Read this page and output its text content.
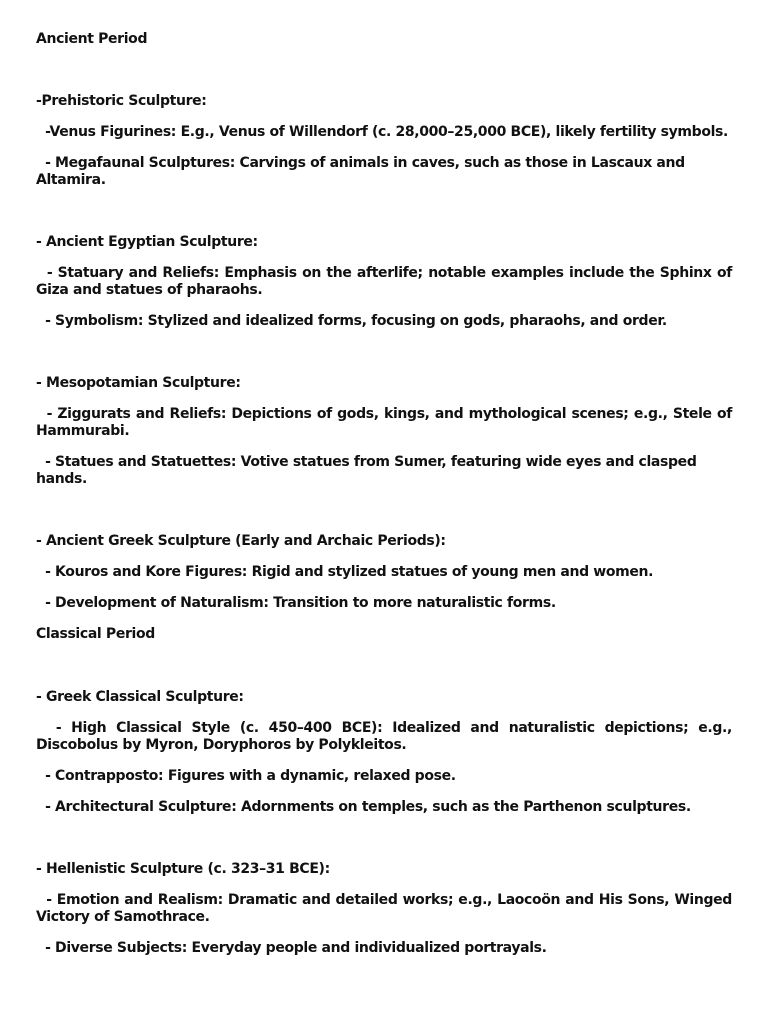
Ancient Period

-Prehistoric Sculpture:

-Venus Figurines: E.g., Venus of Willendorf (c. 28,000–25,000 BCE), likely fertility symbols.

- Megafaunal Sculptures: Carvings of animals in caves, such as those in Lascaux and Altamira.

- Ancient Egyptian Sculpture:

- Statuary and Reliefs: Emphasis on the afterlife; notable examples include the Sphinx of Giza and statues of pharaohs.

- Symbolism: Stylized and idealized forms, focusing on gods, pharaohs, and order.

- Mesopotamian Sculpture:

- Ziggurats and Reliefs: Depictions of gods, kings, and mythological scenes; e.g., Stele of Hammurabi.

- Statues and Statuettes: Votive statues from Sumer, featuring wide eyes and clasped hands.

- Ancient Greek Sculpture (Early and Archaic Periods):

- Kouros and Kore Figures: Rigid and stylized statues of young men and women.

- Development of Naturalism: Transition to more naturalistic forms.

Classical Period

- Greek Classical Sculpture:

- High Classical Style (c. 450–400 BCE): Idealized and naturalistic depictions; e.g., Discobolus by Myron, Doryphoros by Polykleitos.

- Contrapposto: Figures with a dynamic, relaxed pose.

- Architectural Sculpture: Adornments on temples, such as the Parthenon sculptures.

- Hellenistic Sculpture (c. 323–31 BCE):

- Emotion and Realism: Dramatic and detailed works; e.g., Laocoön and His Sons, Winged Victory of Samothrace.

- Diverse Subjects: Everyday people and individualized portrayals.
